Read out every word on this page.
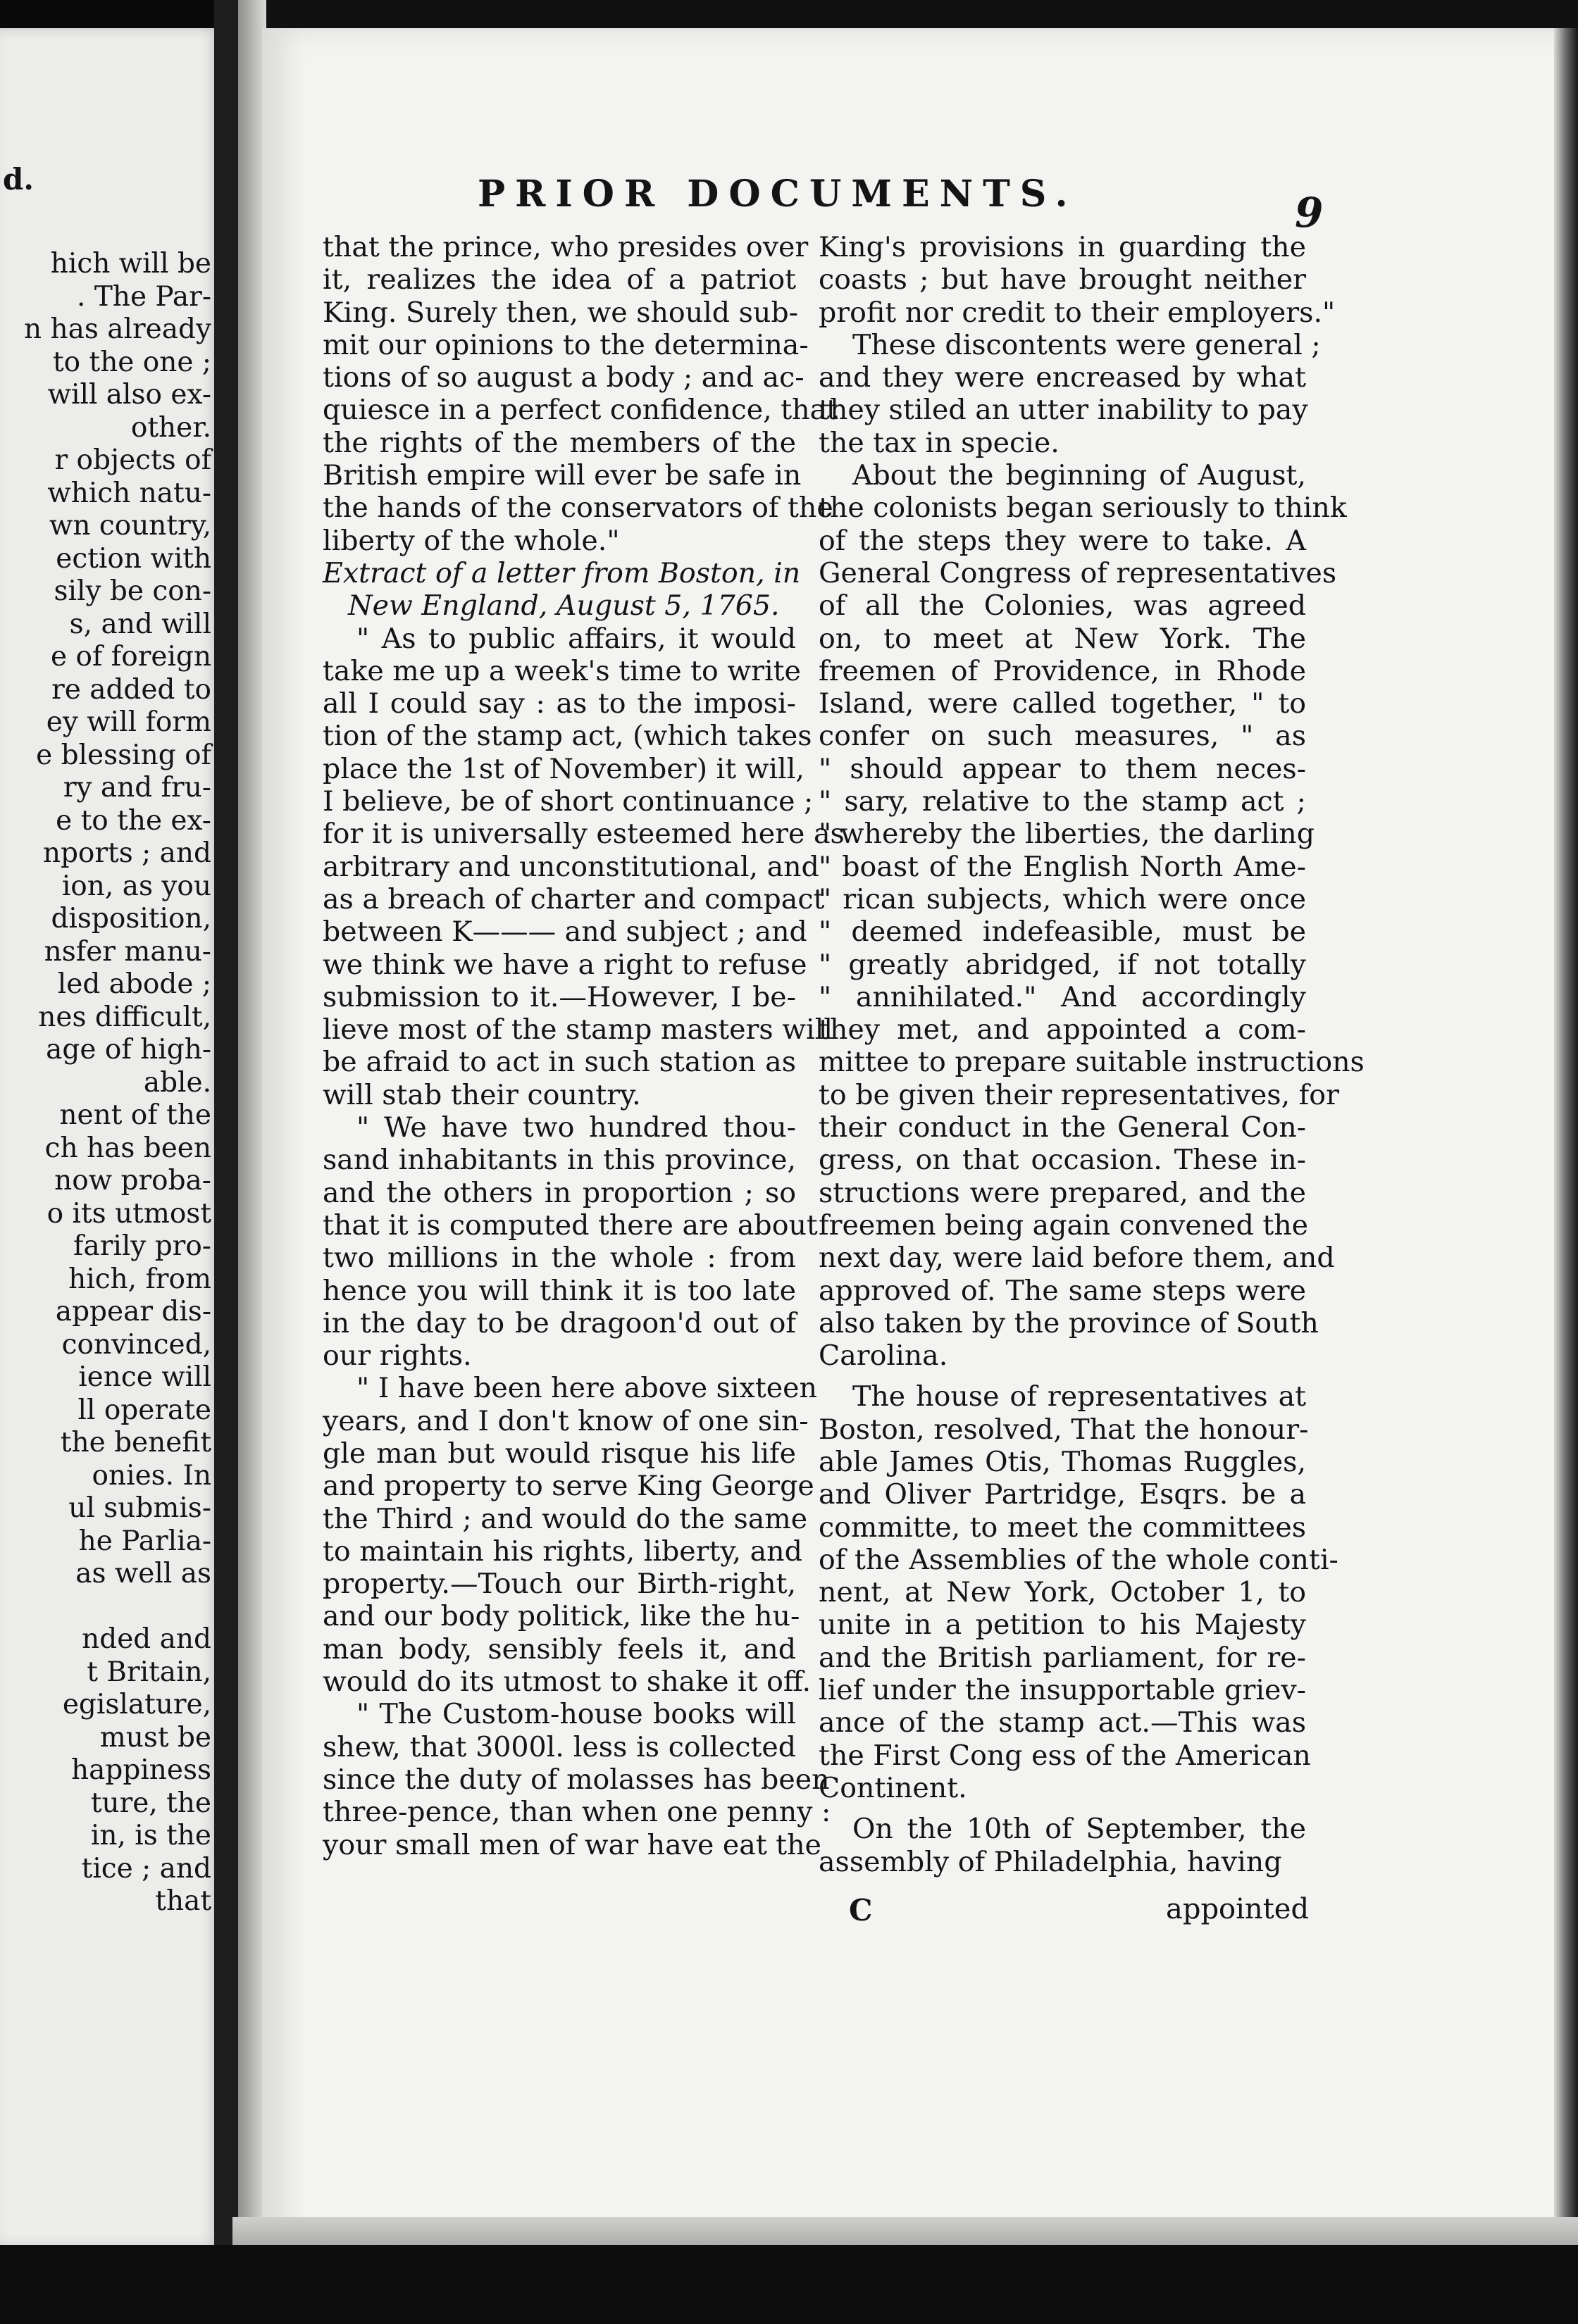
d.
hich will be
. The Par-
n has already
to the one ;
will also ex-
other.
r objects of
which natu-
wn country,
ection with
sily be con-
s, and will
e of foreign
re added to
ey will form
e blessing of
ry and fru-
e to the ex-
nports ; and
ion, as you
disposition,
nsfer manu-
led abode ;
nes difficult,
age of high-
able.
nent of the
ch has been
now proba-
o its utmost
farily pro-
hich, from
appear dis-
convinced,
ience will
ll operate
the benefit
onies. In
ul submis-
he Parlia-
as well as
nded and
t Britain,
egislature,
must be
happiness
ture, the
in, is the
tice ; and
that
PRIOR DOCUMENTS.	9
that the prince, who presides over
it, realizes the idea of a patriot
King. Surely then, we should sub-
mit our opinions to the determina-
tions of so august a body ; and ac-
quiesce in a perfect confidence, that
the rights of the members of the
British empire will ever be safe in
the hands of the conservators of the
liberty of the whole."
Extract of a letter from Boston, in
New England, August 5, 1765.
" As to public affairs, it would
take me up a week's time to write
all I could say : as to the imposi-
tion of the stamp act, (which takes
place the 1st of November) it will,
I believe, be of short continuance ;
for it is universally esteemed here as
arbitrary and unconstitutional, and
as a breach of charter and compact
between K——— and subject ; and
we think we have a right to refuse
submission to it.—However, I be-
lieve most of the stamp masters will
be afraid to act in such station as
will stab their country.
" We have two hundred thou-
sand inhabitants in this province,
and the others in proportion ; so
that it is computed there are about
two millions in the whole : from
hence you will think it is too late
in the day to be dragoon'd out of
our rights.
" I have been here above sixteen
years, and I don't know of one sin-
gle man but would risque his life
and property to serve King George
the Third ; and would do the same
to maintain his rights, liberty, and
property.—Touch our Birth-right,
and our body politick, like the hu-
man body, sensibly feels it, and
would do its utmost to shake it off.
" The Custom-house books will
shew, that 3000l. less is collected
since the duty of molasses has been
three-pence, than when one penny :
your small men of war have eat the
King's provisions in guarding the
coasts ; but have brought neither
profit nor credit to their employers."
These discontents were general ;
and they were encreased by what
they stiled an utter inability to pay
the tax in specie.
About the beginning of August,
the colonists began seriously to think
of the steps they were to take. A
General Congress of representatives
of all the Colonies, was agreed
on, to meet at New York. The
freemen of Providence, in Rhode
Island, were called together, " to
confer on such measures, " as
" should appear to them neces-
" sary, relative to the stamp act ;
" whereby the liberties, the darling
" boast of the English North Ame-
" rican subjects, which were once
" deemed indefeasible, must be
" greatly abridged, if not totally
" annihilated." And accordingly
they met, and appointed a com-
mittee to prepare suitable instructions
to be given their representatives, for
their conduct in the General Con-
gress, on that occasion. These in-
structions were prepared, and the
freemen being again convened the
next day, were laid before them, and
approved of. The same steps were
also taken by the province of South
Carolina.
The house of representatives at
Boston, resolved, That the honour-
able James Otis, Thomas Ruggles,
and Oliver Partridge, Esqrs. be a
committe, to meet the committees
of the Assemblies of the whole conti-
nent, at New York, October 1, to
unite in a petition to his Majesty
and the British parliament, for re-
lief under the insupportable griev-
ance of the stamp act.—This was
the First Cong ess of the American
Continent.
On the 10th of September, the
assembly of Philadelphia, having
C	appointed
